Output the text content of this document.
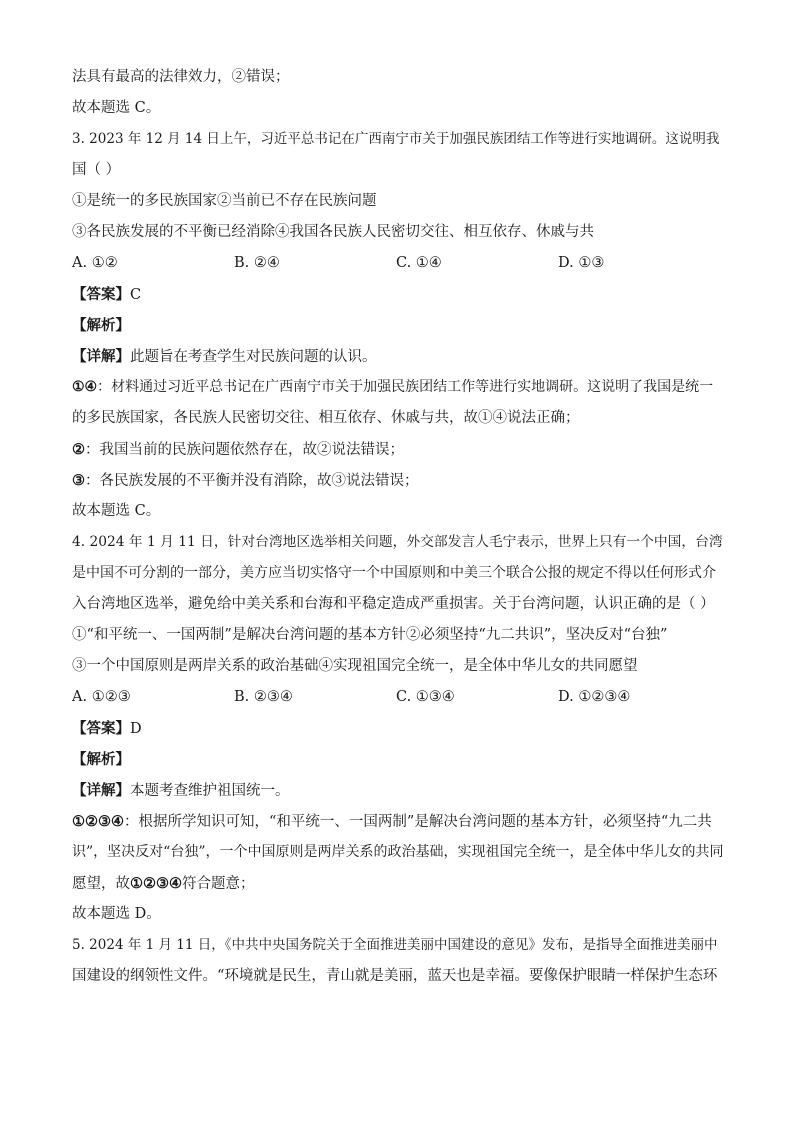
法具有最高的法律效力，②错误；
故本题选 C。
3. 2023 年 12 月 14 日上午，习近平总书记在广西南宁市关于加强民族团结工作等进行实地调研。这说明我
国（ ）
①是统一的多民族国家②当前已不存在民族问题
③各民族发展的不平衡已经消除④我国各民族人民密切交往、相互依存、休戚与共
A. ①②	B. ②④	C. ①④	D. ①③
【答案】C
【解析】
【详解】此题旨在考查学生对民族问题的认识。
①④：材料通过习近平总书记在广西南宁市关于加强民族团结工作等进行实地调研。这说明了我国是统一
的多民族国家，各民族人民密切交往、相互依存、休戚与共，故①④说法正确；
②：我国当前的民族问题依然存在，故②说法错误；
③：各民族发展的不平衡并没有消除，故③说法错误；
故本题选 C。
4. 2024 年 1 月 11 日，针对台湾地区选举相关问题，外交部发言人毛宁表示，世界上只有一个中国，台湾
是中国不可分割的一部分，美方应当切实恪守一个中国原则和中美三个联合公报的规定不得以任何形式介
入台湾地区选举，避免给中美关系和台海和平稳定造成严重损害。关于台湾问题，认识正确的是（ ）
①“和平统一、一国两制”是解决台湾问题的基本方针②必须坚持“九二共识”，坚决反对“台独”
③一个中国原则是两岸关系的政治基础④实现祖国完全统一，是全体中华儿女的共同愿望
A. ①②③	B. ②③④	C. ①③④	D. ①②③④
【答案】D
【解析】
【详解】本题考查维护祖国统一。
①②③④：根据所学知识可知，“和平统一、一国两制”是解决台湾问题的基本方针，必须坚持“九二共
识”，坚决反对“台独”，一个中国原则是两岸关系的政治基础，实现祖国完全统一，是全体中华儿女的共同
愿望，故①②③④符合题意；
故本题选 D。
5. 2024 年 1 月 11 日，《中共中央国务院关于全面推进美丽中国建设的意见》发布，是指导全面推进美丽中
国建设的纲领性文件。“环境就是民生，青山就是美丽，蓝天也是幸福。要像保护眼睛一样保护生态环
